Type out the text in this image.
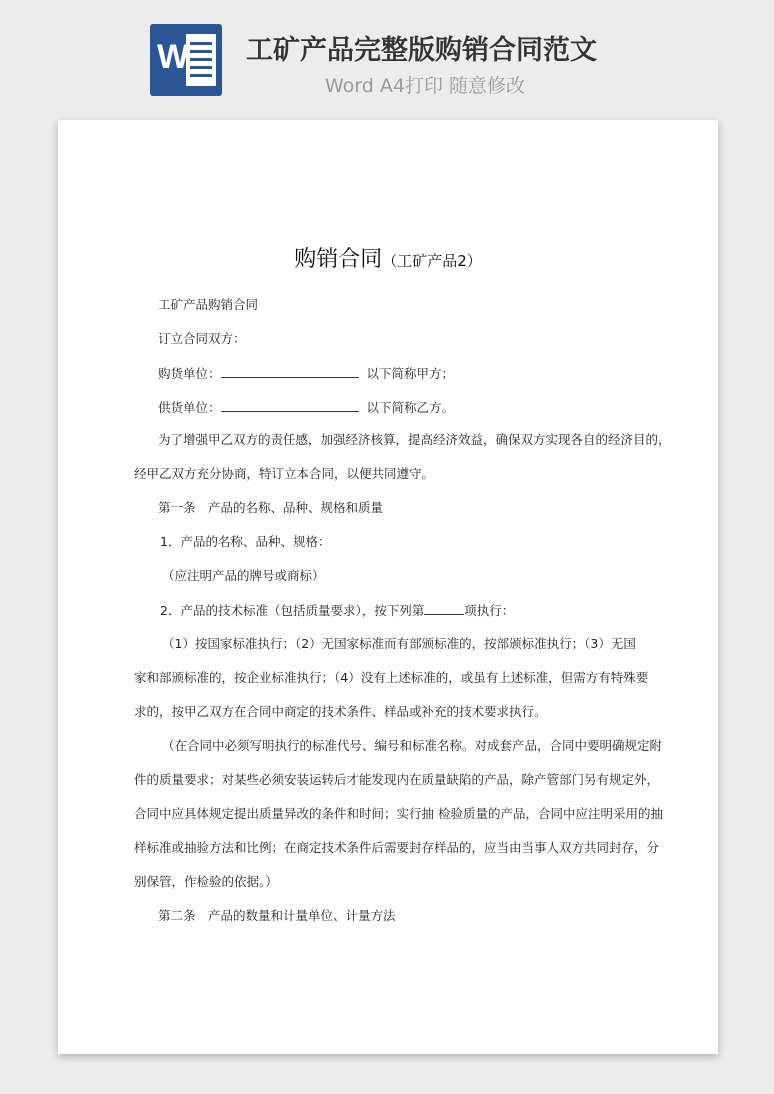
W 工矿产品完整版购销合同范文
Word A4打印 随意修改
购销合同（工矿产品2）
工矿产品购销合同
订立合同双方：
购货单位：	以下简称甲方；
供货单位：	以下简称乙方。
为了增强甲乙双方的责任感，加强经济核算，提高经济效益，确保双方实现各自的经济目的，
经甲乙双方充分协商，特订立本合同，以便共同遵守。
第一条　产品的名称、品种、规格和质量
1．产品的名称、品种、规格：
（应注明产品的牌号或商标）
2．产品的技术标准（包括质量要求），按下列第	项执行：
（1）按国家标准执行；（2）无国家标准而有部颁标准的，按部颁标准执行；（3）无国
家和部颁标准的，按企业标准执行；（4）没有上述标准的，或虽有上述标准，但需方有特殊要
求的，按甲乙双方在合同中商定的技术条件、样品或补充的技术要求执行。
（在合同中必须写明执行的标准代号、编号和标准名称。对成套产品，合同中要明确规定附
件的质量要求；对某些必须安装运转后才能发现内在质量缺陷的产品，除产管部门另有规定外，
合同中应具体规定提出质量异改的条件和时间；实行抽 检验质量的产品，合同中应注明采用的抽
样标准或抽验方法和比例；在商定技术条件后需要封存样品的，应当由当事人双方共同封存，分
别保管，作检验的依据。）
第二条　产品的数量和计量单位、计量方法
